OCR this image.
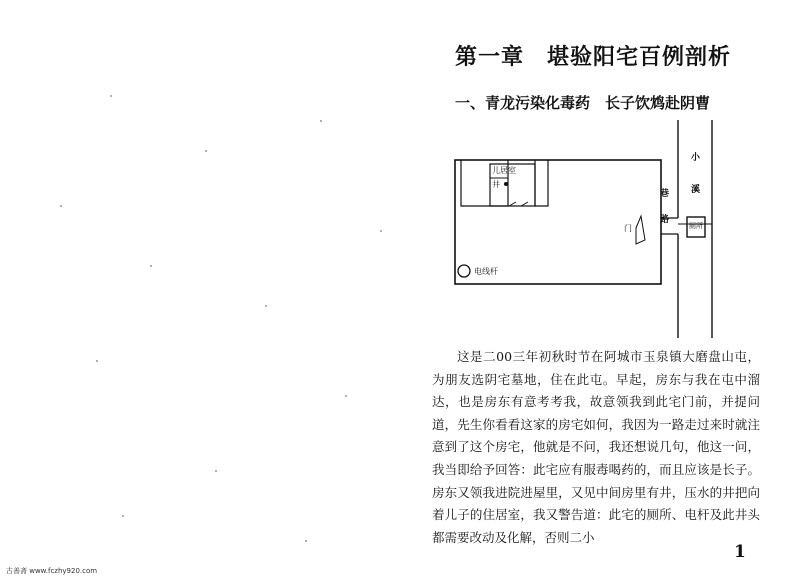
第一章　堪验阳宅百例剖析
一、青龙污染化毒药　长子饮鸩赴阴曹
儿居室
井
门
电线杆
厕所
巷
路
小
溪

这是二00三年初秋时节在阿城市玉泉镇大磨盘山屯，为朋友选阴宅墓地，住在此屯。早起，房东与我在屯中溜达，也是房东有意考考我，故意领我到此宅门前，并提问道，先生你看看这家的房宅如何，我因为一路走过来时就注意到了这个房宅，他就是不问，我还想说几句，他这一问，我当即给予回答：此宅应有服毒喝药的，而且应该是长子。房东又领我进院进屋里，又见中间房里有井，压水的井把向着儿子的住居室，我又警告道：此宅的厕所、电杆及此井头都需要改动及化解，否则二小

1
古善斋 www.fczhy920.com
